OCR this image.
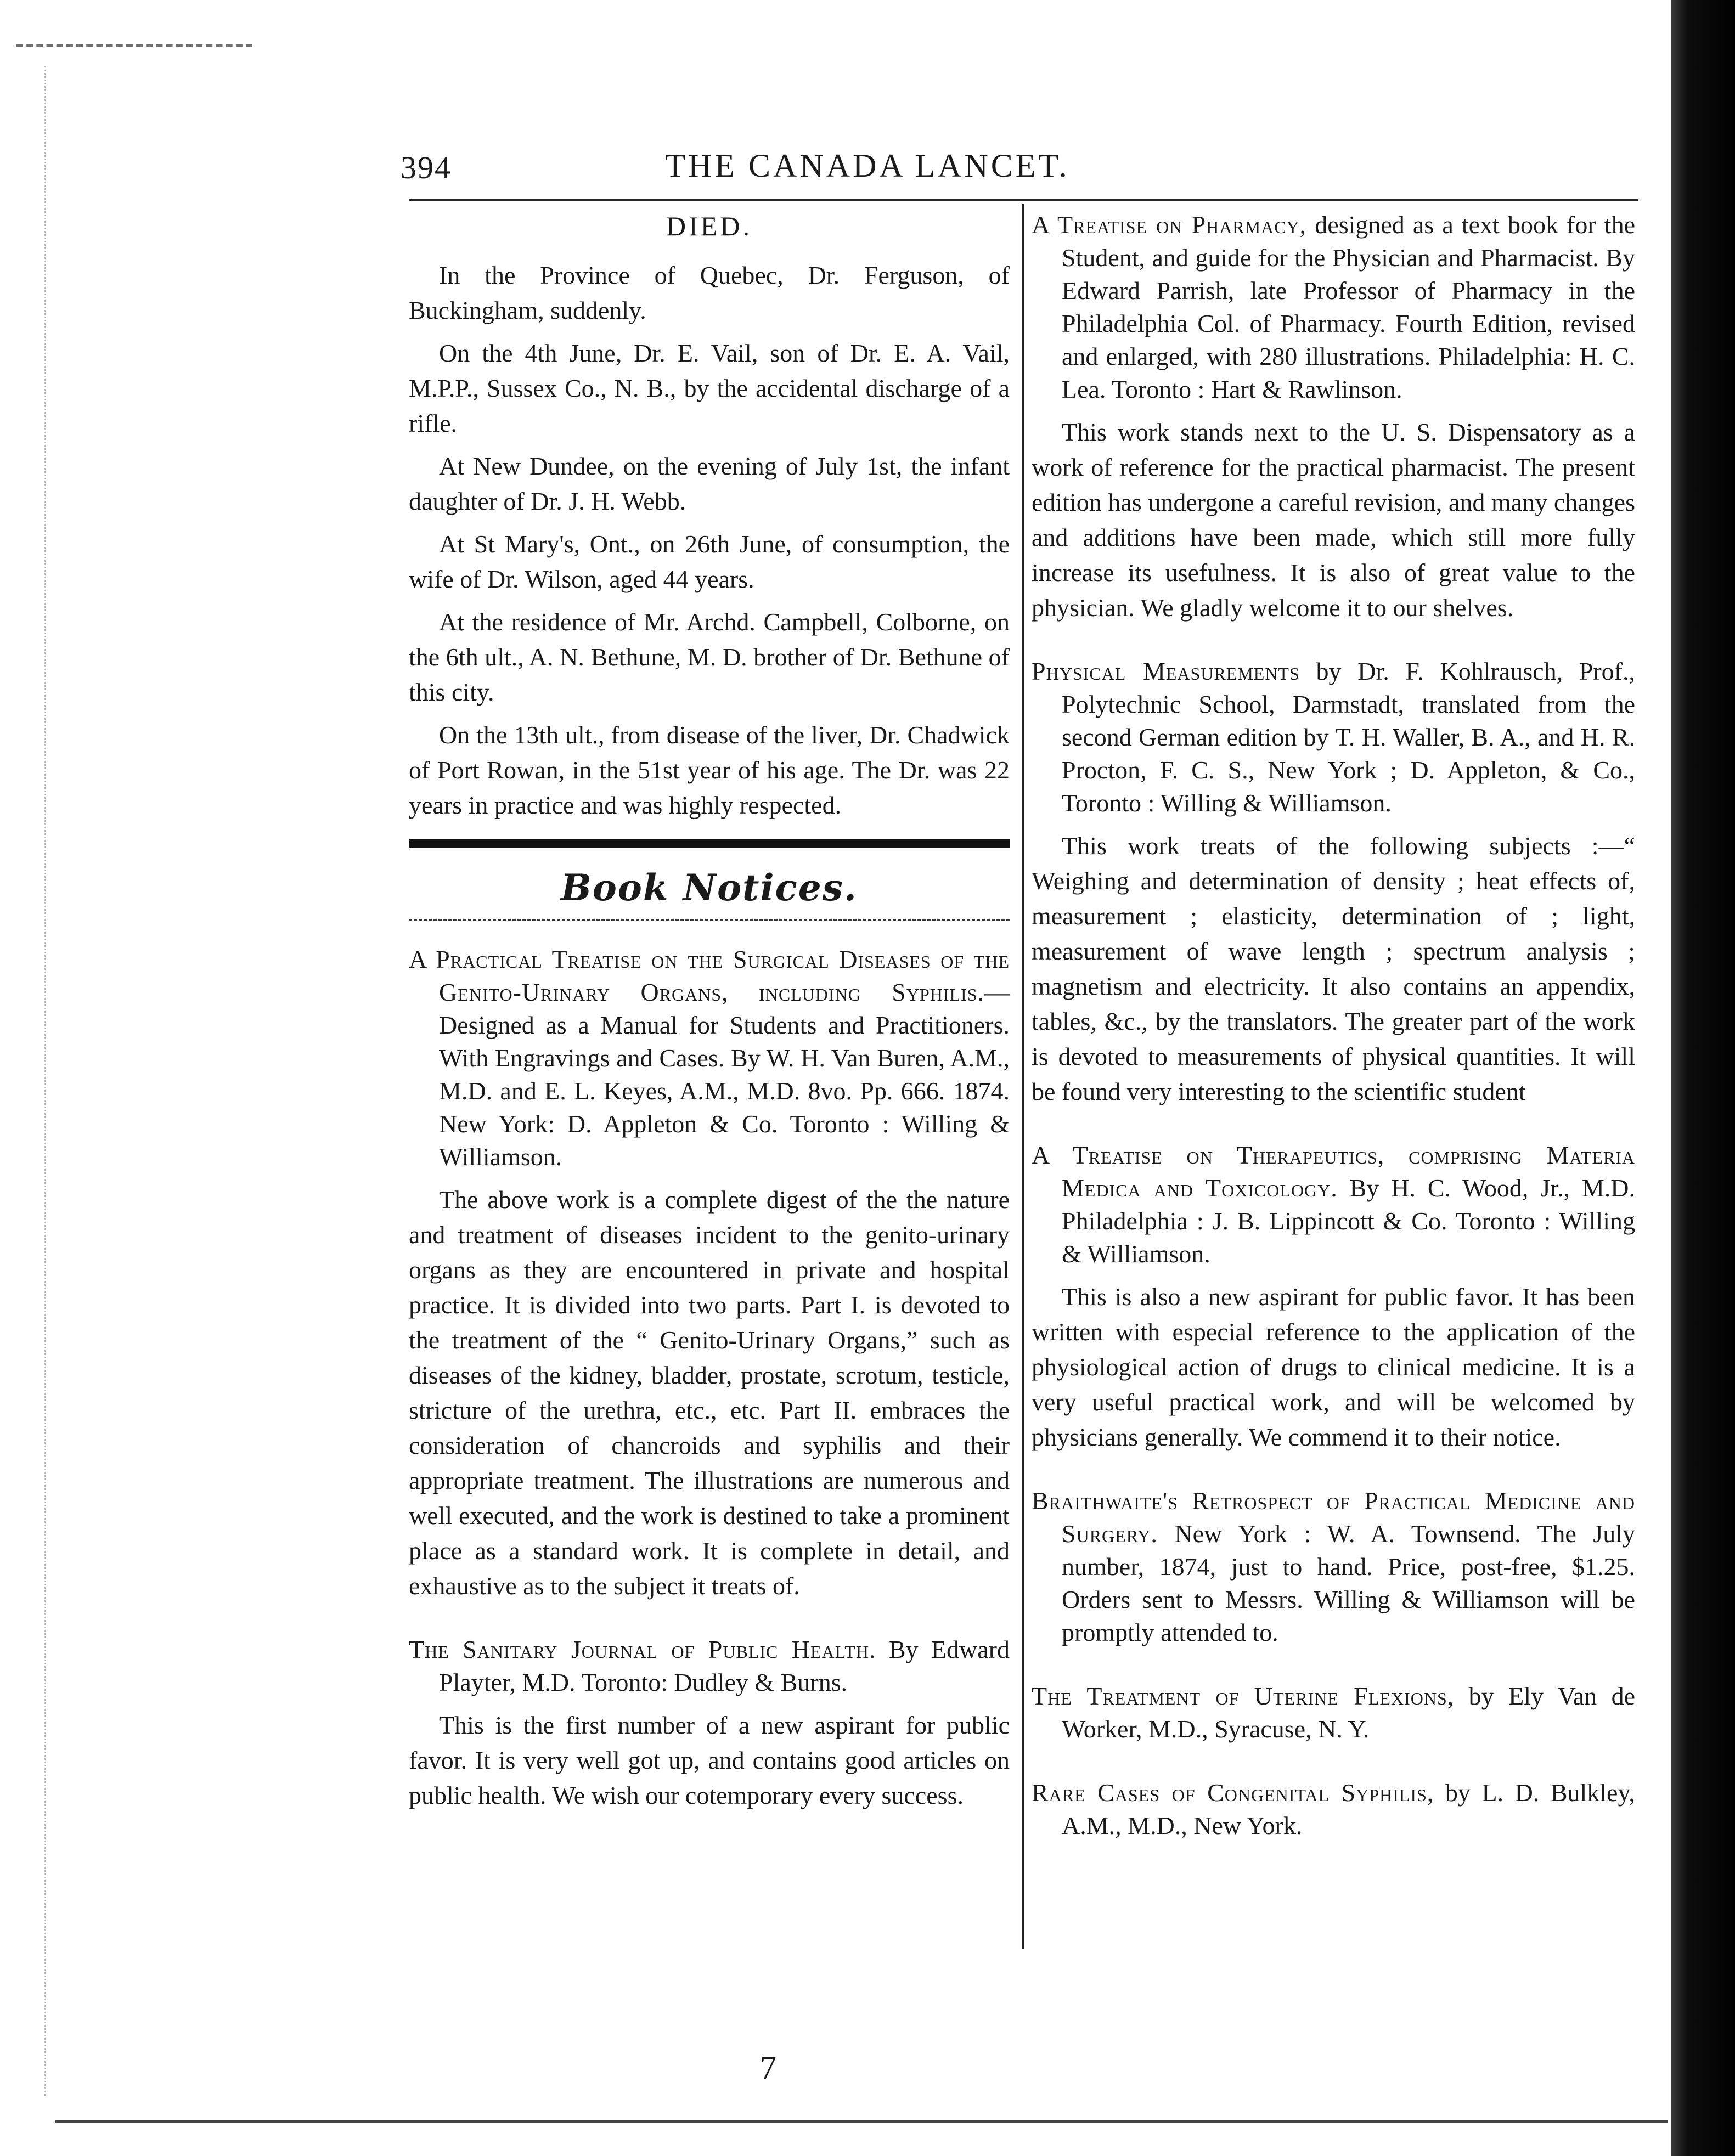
394	THE CANADA LANCET.
DIED.

In the Province of Quebec, Dr. Ferguson, of Buckingham, suddenly.

On the 4th June, Dr. E. Vail, son of Dr. E. A. Vail, M.P.P., Sussex Co., N. B., by the accidental discharge of a rifle.

At New Dundee, on the evening of July 1st, the infant daughter of Dr. J. H. Webb.

At St Mary's, Ont., on 26th June, of consumption, the wife of Dr. Wilson, aged 44 years.

At the residence of Mr. Archd. Campbell, Colborne, on the 6th ult., A. N. Bethune, M. D. brother of Dr. Bethune of this city.

On the 13th ult., from disease of the liver, Dr. Chadwick of Port Rowan, in the 51st year of his age. The Dr. was 22 years in practice and was highly respected.

Book Notices.
A Practical Treatise on the Surgical Diseases of the Genito-Urinary Organs, including Syphilis.—Designed as a Manual for Students and Practitioners. With Engravings and Cases. By W. H. Van Buren, A.M., M.D. and E. L. Keyes, A.M., M.D. 8vo. Pp. 666. 1874. New York: D. Appleton & Co. Toronto : Willing & Williamson.

The above work is a complete digest of the the nature and treatment of diseases incident to the genito-urinary organs as they are encountered in private and hospital practice. It is divided into two parts. Part I. is devoted to the treatment of the “ Genito-Urinary Organs,” such as diseases of the kidney, bladder, prostate, scrotum, testicle, stricture of the urethra, etc., etc. Part II. embraces the consideration of chancroids and syphilis and their appropriate treatment. The illustrations are numerous and well executed, and the work is destined to take a prominent place as a standard work. It is complete in detail, and exhaustive as to the subject it treats of.

The Sanitary Journal of Public Health. By Edward Playter, M.D. Toronto: Dudley & Burns.

This is the first number of a new aspirant for public favor. It is very well got up, and contains good articles on public health. We wish our cotemporary every success.

A Treatise on Pharmacy, designed as a text book for the Student, and guide for the Physician and Pharmacist. By Edward Parrish, late Professor of Pharmacy in the Philadelphia Col. of Pharmacy. Fourth Edition, revised and enlarged, with 280 illustrations. Philadelphia: H. C. Lea. Toronto : Hart & Rawlinson.

This work stands next to the U. S. Dispensatory as a work of reference for the practical pharmacist. The present edition has undergone a careful revision, and many changes and additions have been made, which still more fully increase its usefulness. It is also of great value to the physician. We gladly welcome it to our shelves.

Physical Measurements by Dr. F. Kohlrausch, Prof., Polytechnic School, Darmstadt, translated from the second German edition by T. H. Waller, B. A., and H. R. Procton, F. C. S., New York ; D. Appleton, & Co., Toronto : Willing & Williamson.

This work treats of the following subjects :—“ Weighing and determination of density ; heat effects of, measurement ; elasticity, determination of ; light, measurement of wave length ; spectrum analysis ; magnetism and electricity. It also contains an appendix, tables, &c., by the translators. The greater part of the work is devoted to measurements of physical quantities. It will be found very interesting to the scientific student

A Treatise on Therapeutics, comprising Materia Medica and Toxicology. By H. C. Wood, Jr., M.D. Philadelphia : J. B. Lippincott & Co. Toronto : Willing & Williamson.

This is also a new aspirant for public favor. It has been written with especial reference to the application of the physiological action of drugs to clinical medicine. It is a very useful practical work, and will be welcomed by physicians generally. We commend it to their notice.

Braithwaite's Retrospect of Practical Medicine and Surgery. New York : W. A. Townsend. The July number, 1874, just to hand. Price, post-free, $1.25. Orders sent to Messrs. Willing & Williamson will be promptly attended to.
The Treatment of Uterine Flexions, by Ely Van de Worker, M.D., Syracuse, N. Y.
Rare Cases of Congenital Syphilis, by L. D. Bulkley, A.M., M.D., New York.
7
